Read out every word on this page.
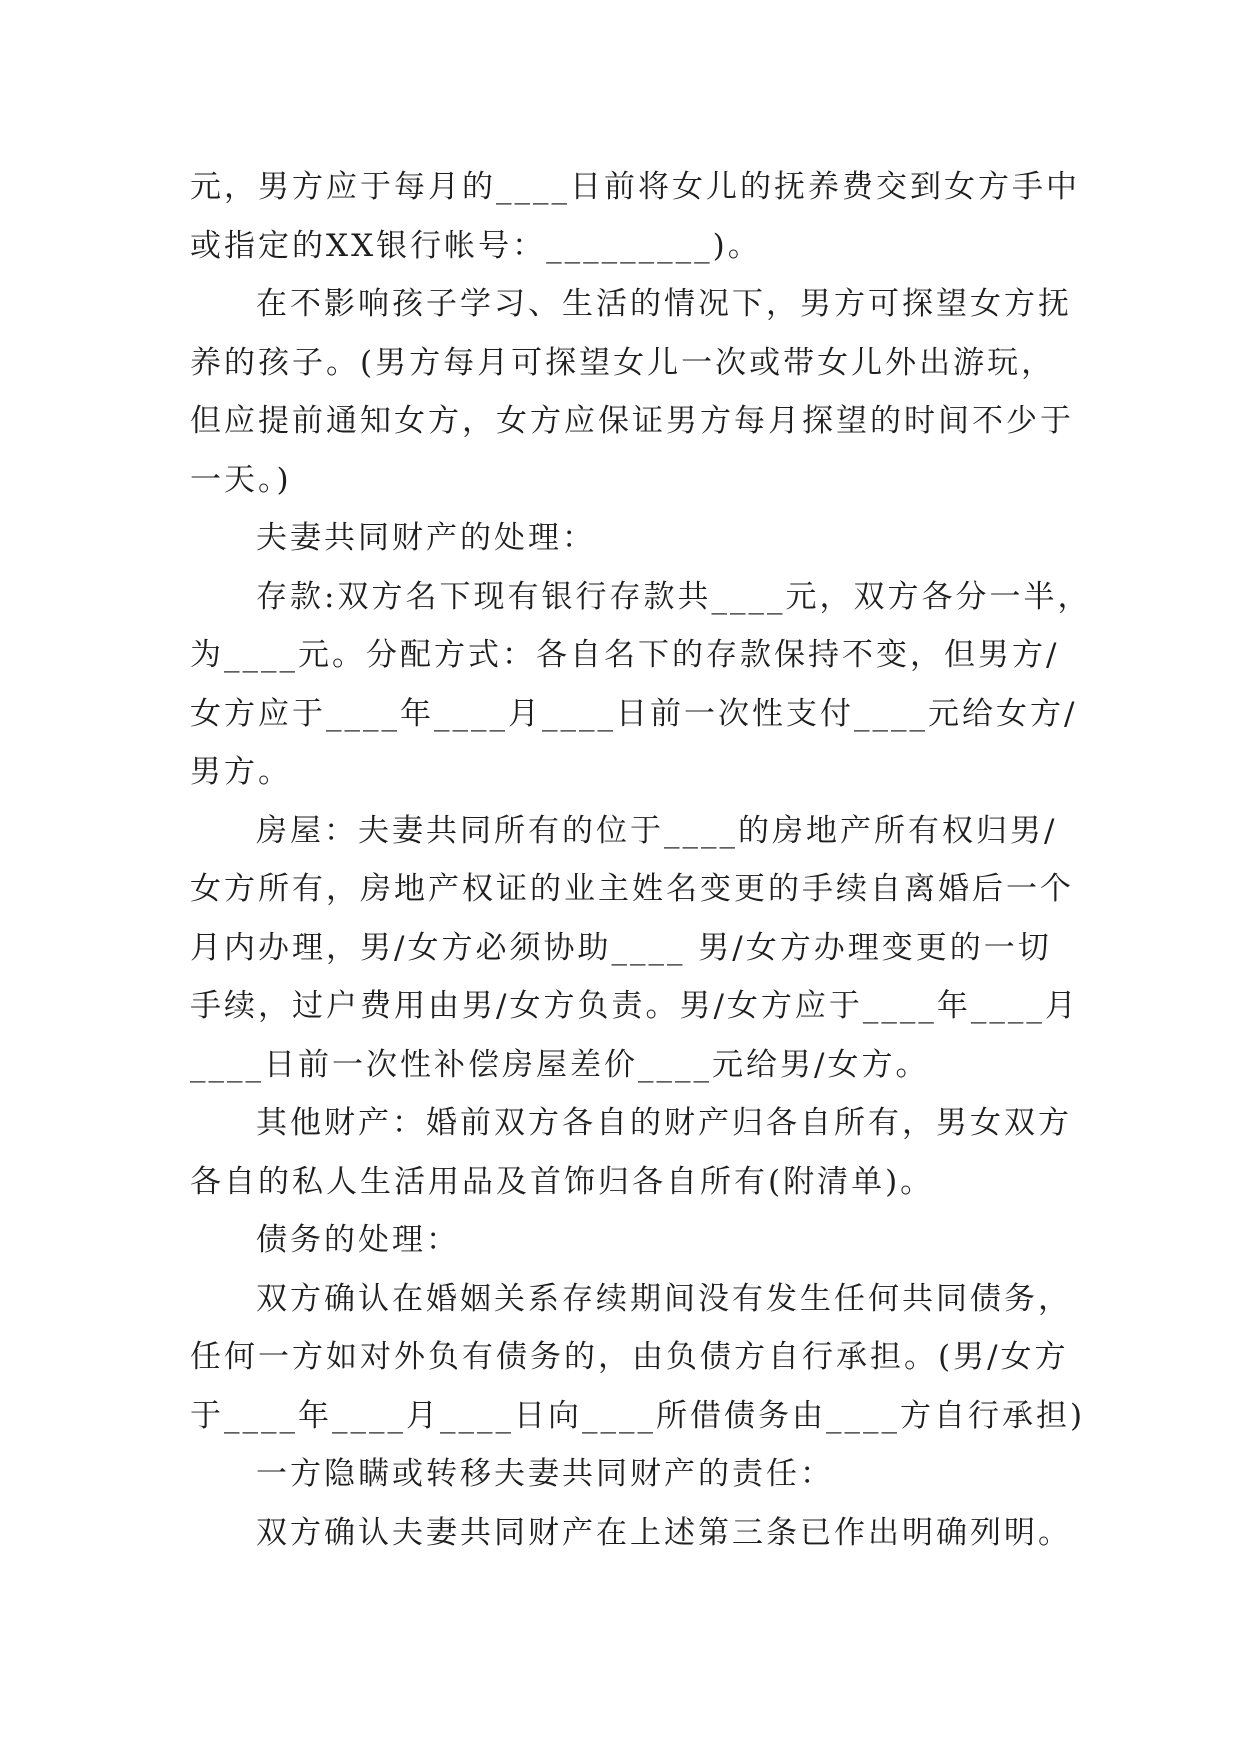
元，男方应于每月的____日前将女儿的抚养费交到女方手中
或指定的XX银行帐号：_________)。
在不影响孩子学习、生活的情况下，男方可探望女方抚
养的孩子。(男方每月可探望女儿一次或带女儿外出游玩，
但应提前通知女方，女方应保证男方每月探望的时间不少于
一天。)
夫妻共同财产的处理：
存款:双方名下现有银行存款共____元，双方各分一半，
为____元。分配方式：各自名下的存款保持不变，但男方/
女方应于____年____月____日前一次性支付____元给女方/
男方。
房屋：夫妻共同所有的位于____的房地产所有权归男/
女方所有，房地产权证的业主姓名变更的手续自离婚后一个
月内办理，男/女方必须协助____ 男/女方办理变更的一切
手续，过户费用由男/女方负责。男/女方应于____年____月
____日前一次性补偿房屋差价____元给男/女方。
其他财产：婚前双方各自的财产归各自所有，男女双方
各自的私人生活用品及首饰归各自所有(附清单)。
债务的处理：
双方确认在婚姻关系存续期间没有发生任何共同债务，
任何一方如对外负有债务的，由负债方自行承担。(男/女方
于____年____月____日向____所借债务由____方自行承担)
一方隐瞒或转移夫妻共同财产的责任：
双方确认夫妻共同财产在上述第三条已作出明确列明。
